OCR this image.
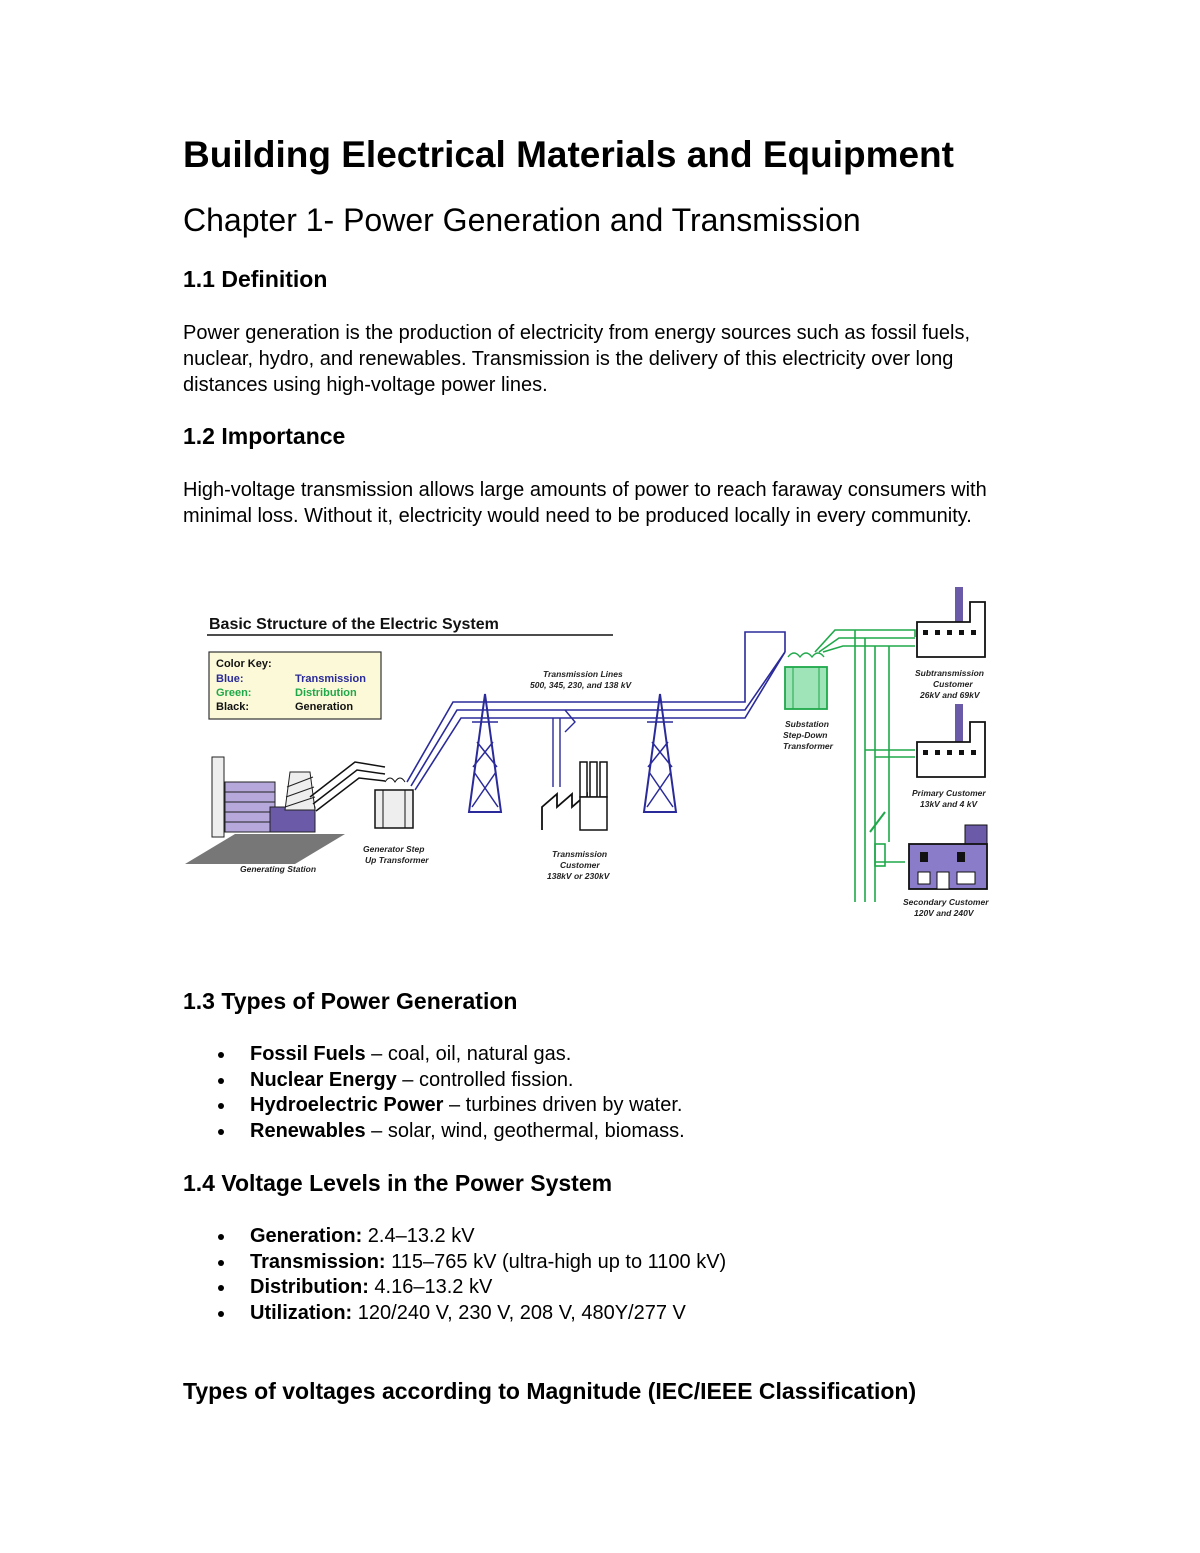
Building Electrical Materials and Equipment
Chapter 1- Power Generation and Transmission
1.1 Definition

Power generation is the production of electricity from energy sources such as fossil fuels, nuclear, hydro, and renewables. Transmission is the delivery of this electricity over long distances using high-voltage power lines.

1.2 Importance

High-voltage transmission allows large amounts of power to reach faraway consumers with minimal loss. Without it, electricity would need to be produced locally in every community.

Basic Structure of the Electric System
Color Key:
Blue:	Transmission
Green:	Distribution
Black:	Generation
Generating Station
Generator Step
Up Transformer
Transmission Lines
500, 345, 230, and 138 kV
Transmission
Customer
138kV or 230kV
Substation
Step-Down
Transformer
Subtransmission
Customer
26kV and 69kV
Primary Customer
13kV and 4 kV
Secondary Customer
120V and 240V
1.3 Types of Power Generation
Fossil Fuels – coal, oil, natural gas.
Nuclear Energy – controlled fission.
Hydroelectric Power – turbines driven by water.
Renewables – solar, wind, geothermal, biomass.
1.4 Voltage Levels in the Power System
Generation: 2.4–13.2 kV
Transmission: 115–765 kV (ultra-high up to 1100 kV)
Distribution: 4.16–13.2 kV
Utilization: 120/240 V, 230 V, 208 V, 480Y/277 V
Types of voltages according to Magnitude (IEC/IEEE Classification)
